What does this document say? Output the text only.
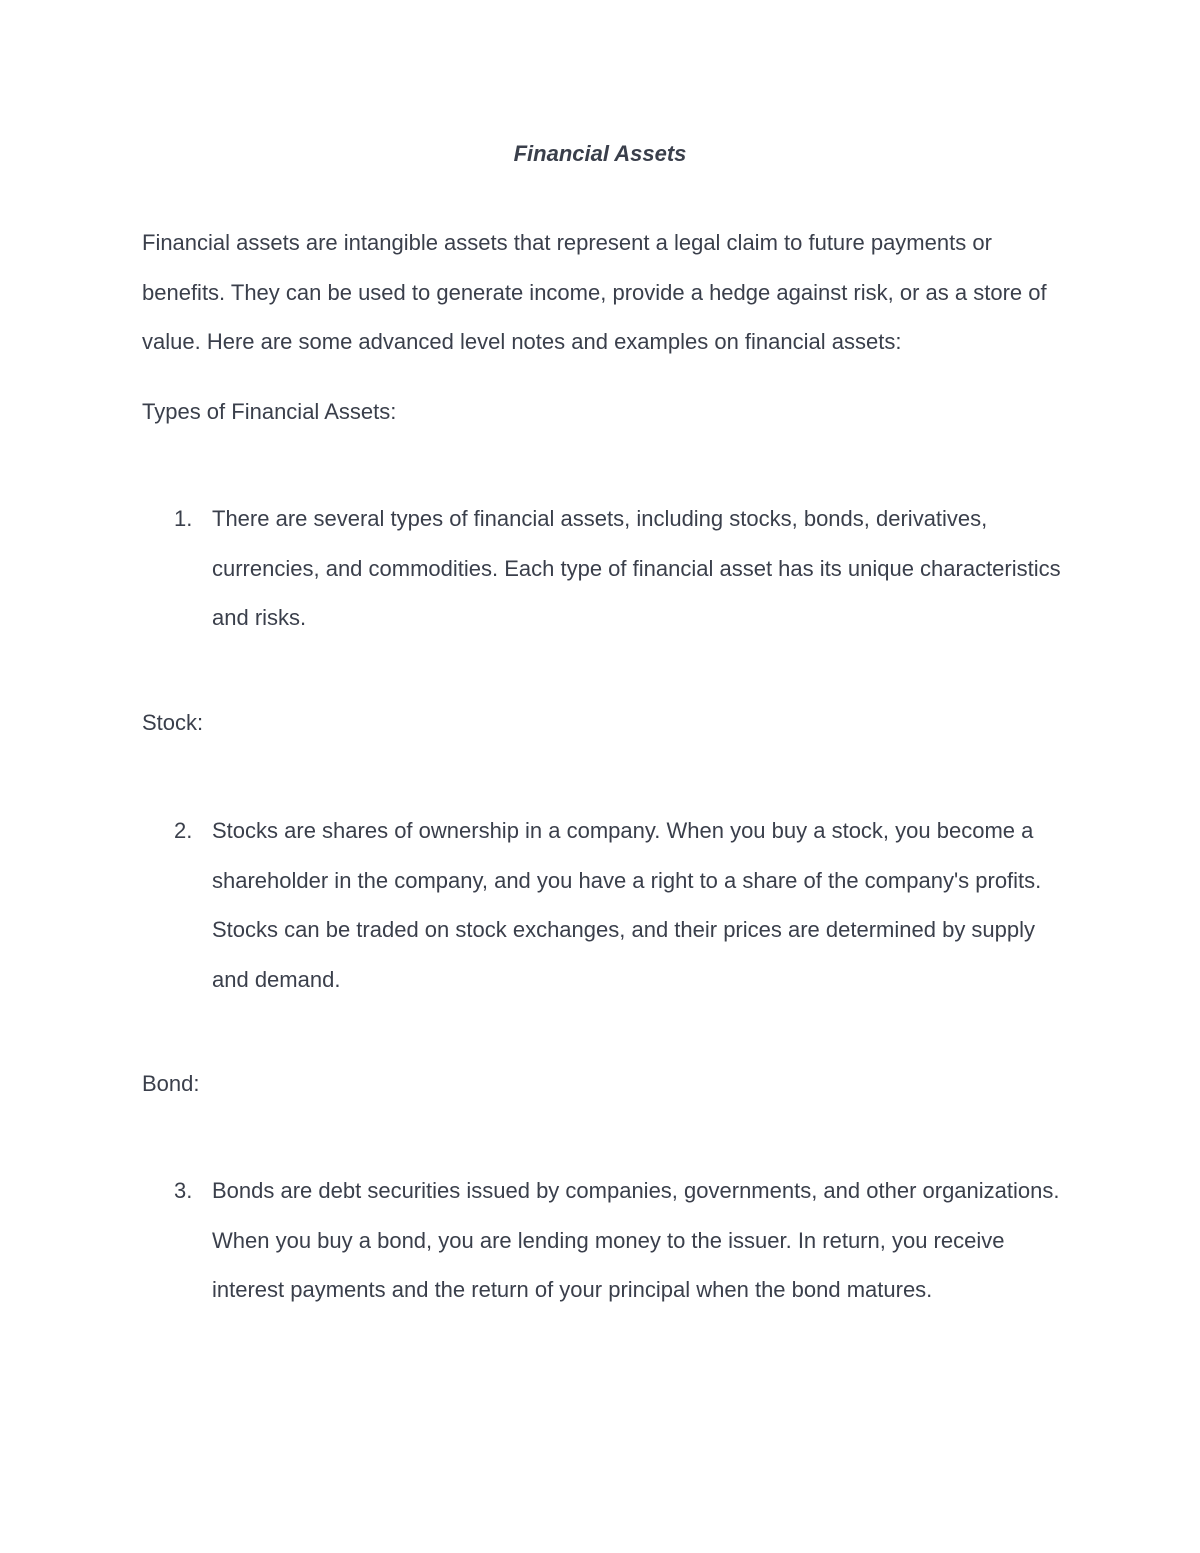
Financial Assets

Financial assets are intangible assets that represent a legal claim to future payments or benefits. They can be used to generate income, provide a hedge against risk, or as a store of value. Here are some advanced level notes and examples on financial assets:

Types of Financial Assets:

1. There are several types of financial assets, including stocks, bonds, derivatives, currencies, and commodities. Each type of financial asset has its unique characteristics and risks.

Stock:

2. Stocks are shares of ownership in a company. When you buy a stock, you become a shareholder in the company, and you have a right to a share of the company's profits. Stocks can be traded on stock exchanges, and their prices are determined by supply and demand.

Bond:

3. Bonds are debt securities issued by companies, governments, and other organizations. When you buy a bond, you are lending money to the issuer. In return, you receive interest payments and the return of your principal when the bond matures.
